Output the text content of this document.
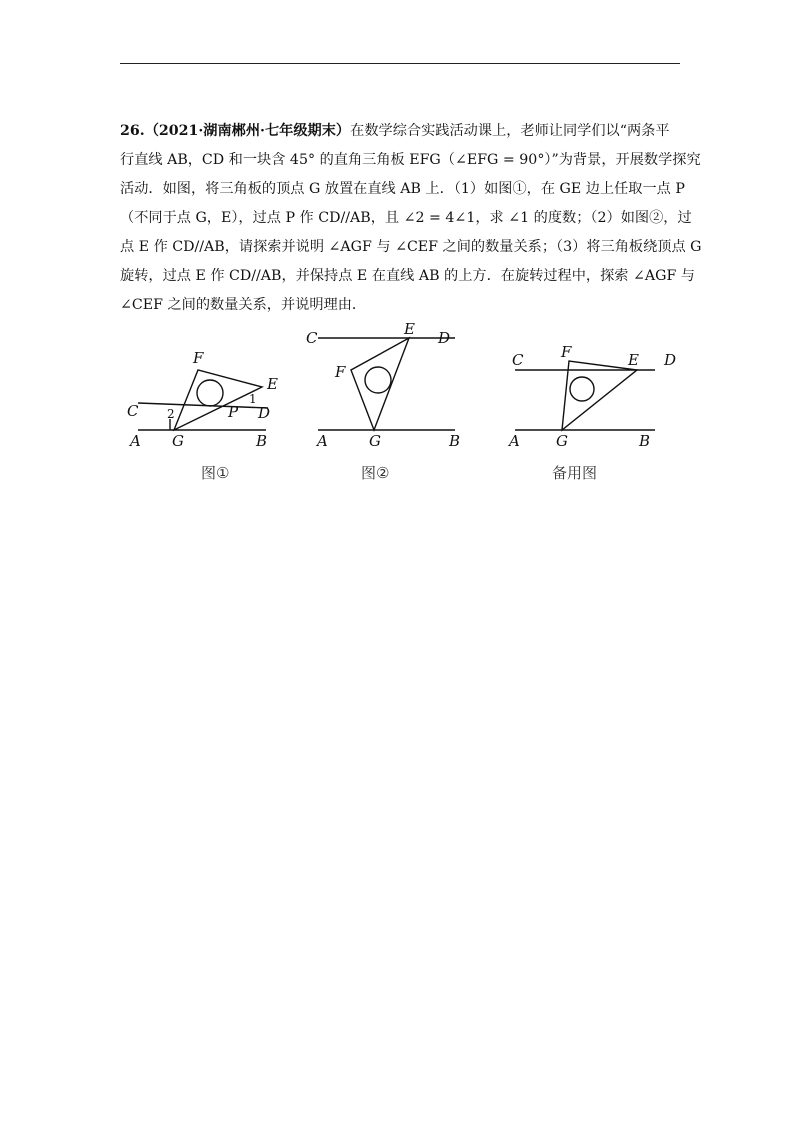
26.（2021·湖南郴州·七年级期末）在数学综合实践活动课上，老师让同学们以“两条平
行直线 AB，CD 和一块含 45° 的直角三角板 EFG（∠EFG = 90°）”为背景，开展数学探究
活动．如图，将三角板的顶点 G 放置在直线 AB 上．（1）如图①，在 GE 边上任取一点 P
（不同于点 G，E），过点 P 作 CD//AB，且 ∠2 = 4∠1，求 ∠1 的度数；（2）如图②，过
点 E 作 CD//AB，请探索并说明 ∠AGF 与 ∠CEF 之间的数量关系；（3）将三角板绕顶点 G
旋转，过点 E 作 CD//AB，并保持点 E 在直线 AB 的上方．在旋转过程中，探索 ∠AGF 与
∠CEF 之间的数量关系，并说明理由．
F
E
C	D
A G	B
P
1
2
C	D
E
F
A	G	B
C	D
F	E
A G	B
图①	图②	备用图
